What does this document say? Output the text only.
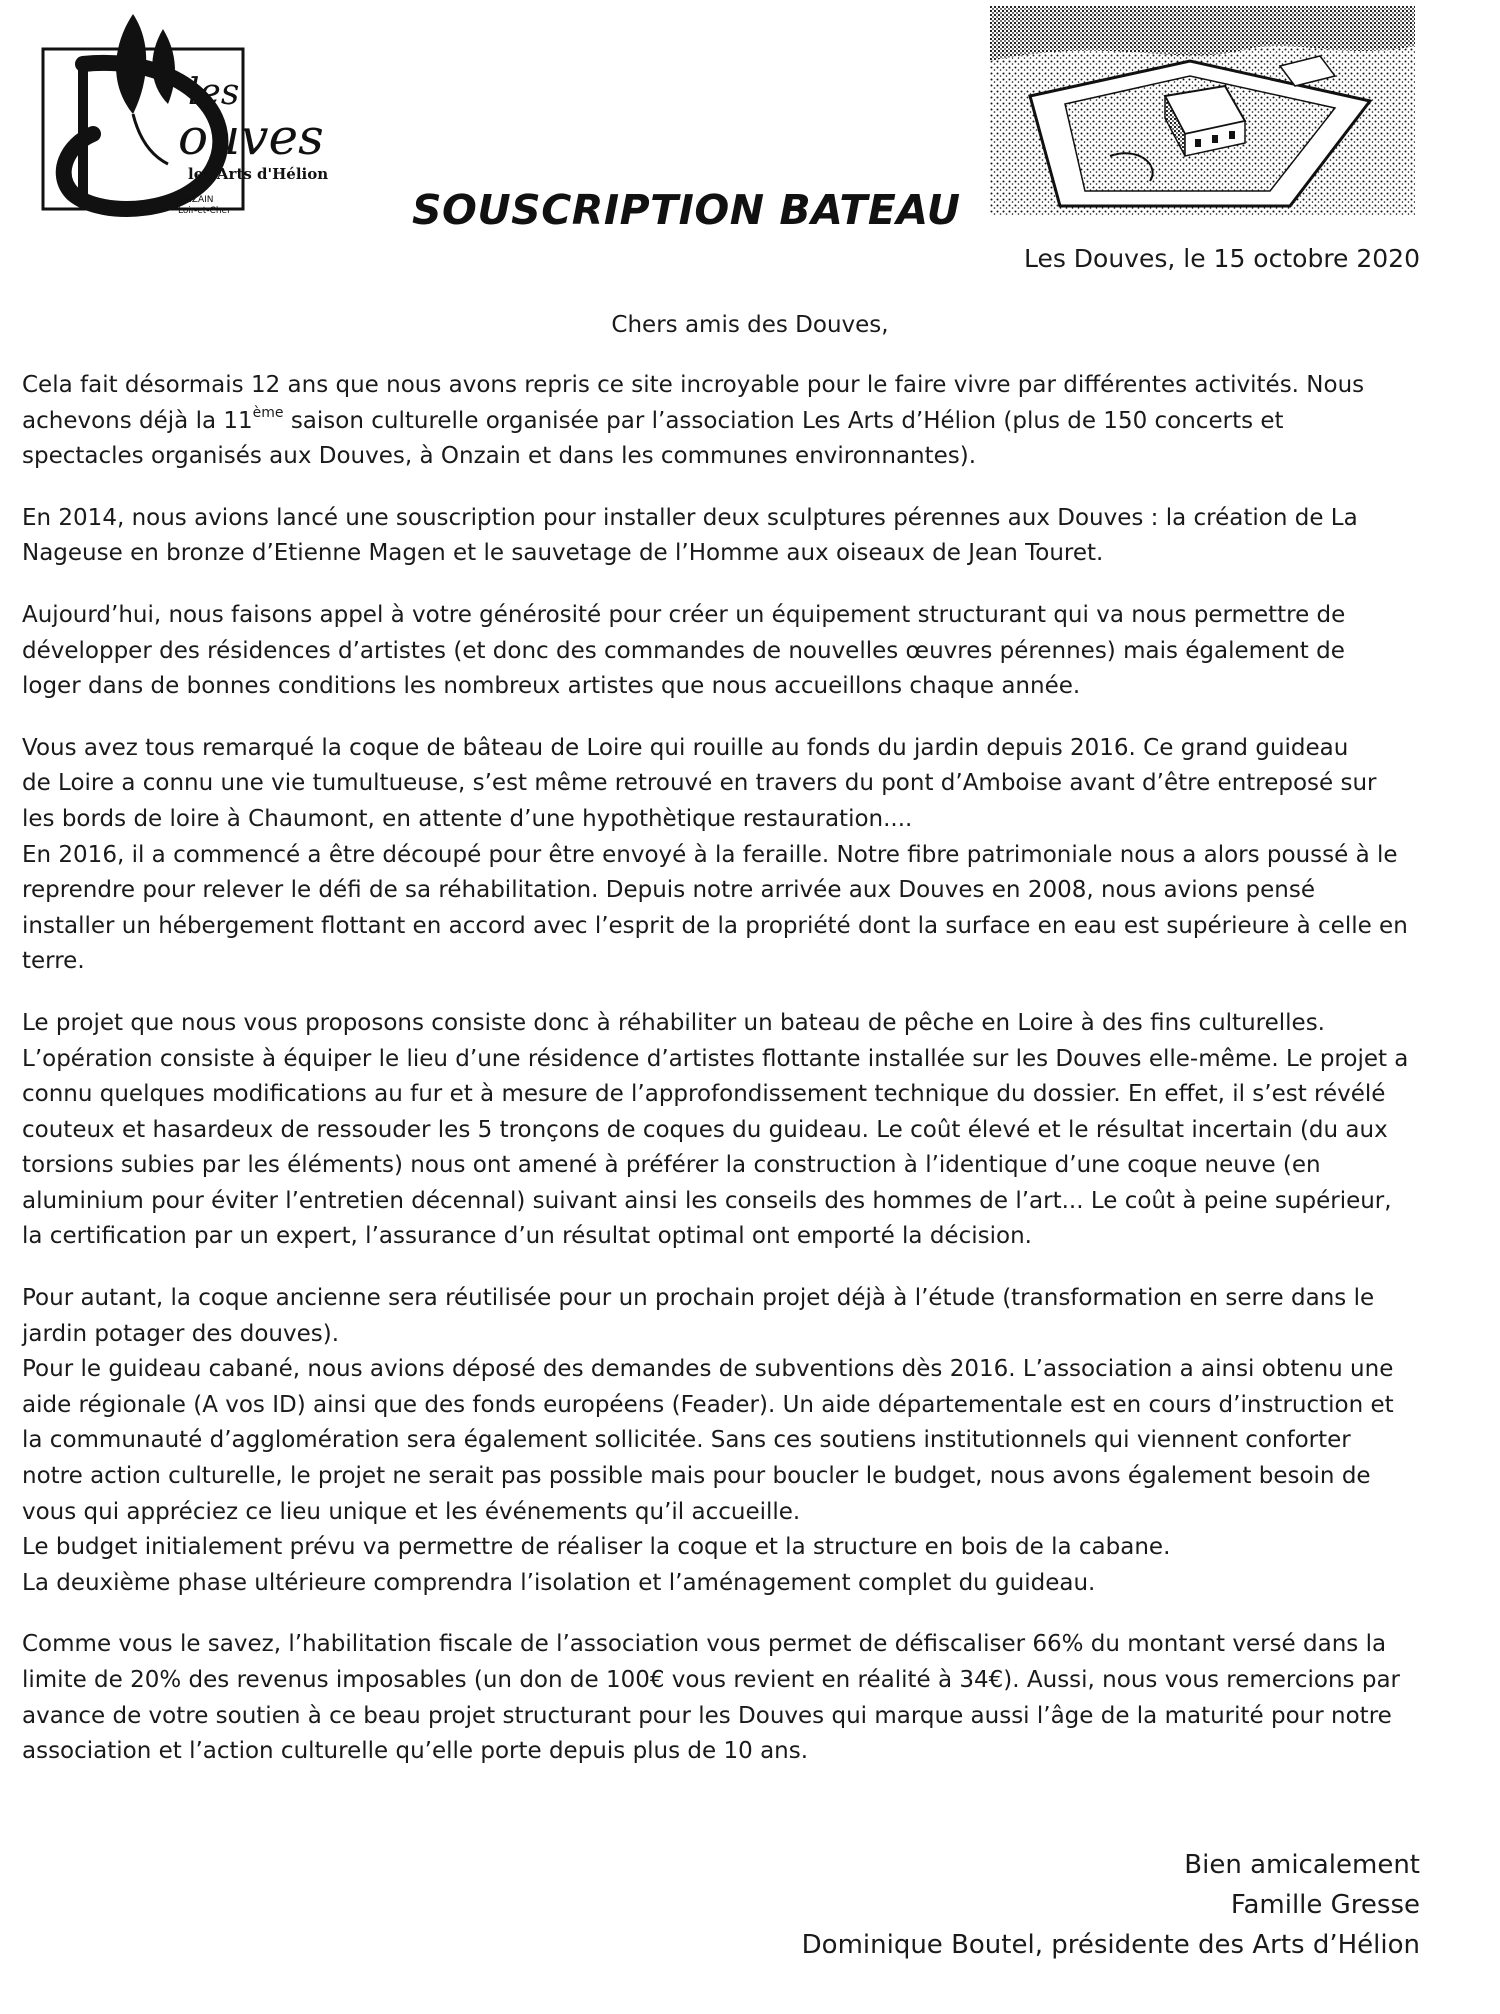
les
ouves
les Arts d'Hélion
ONZAIN
Loir-et-Cher	SOUSCRIPTION BATEAU
Les Douves, le 15 octobre 2020
Chers amis des Douves,

Cela fait désormais 12 ans que nous avons repris ce site incroyable pour le faire vivre par différentes activités. Nous
achevons déjà la 11ème saison culturelle organisée par l’association Les Arts d’Hélion (plus de 150 concerts et
spectacles organisés aux Douves, à Onzain et dans les communes environnantes).

En 2014, nous avions lancé une souscription pour installer deux sculptures pérennes aux Douves : la création de La
Nageuse en bronze d’Etienne Magen et le sauvetage de l’Homme aux oiseaux de Jean Touret.

Aujourd’hui, nous faisons appel à votre générosité pour créer un équipement structurant qui va nous permettre de
développer des résidences d’artistes (et donc des commandes de nouvelles œuvres pérennes) mais également de
loger dans de bonnes conditions les nombreux artistes que nous accueillons chaque année.

Vous avez tous remarqué la coque de bâteau de Loire qui rouille au fonds du jardin depuis 2016. Ce grand guideau
de Loire a connu une vie tumultueuse, s’est même retrouvé en travers du pont d’Amboise avant d’être entreposé sur
les bords de loire à Chaumont, en attente d’une hypothètique restauration....
En 2016, il a commencé a être découpé pour être envoyé à la feraille. Notre fibre patrimoniale nous a alors poussé à le
reprendre pour relever le défi de sa réhabilitation. Depuis notre arrivée aux Douves en 2008, nous avions pensé
installer un hébergement flottant en accord avec l’esprit de la propriété dont la surface en eau est supérieure à celle en
terre.

Le projet que nous vous proposons consiste donc à réhabiliter un bateau de pêche en Loire à des fins culturelles.
L’opération consiste à équiper le lieu d’une résidence d’artistes flottante installée sur les Douves elle-même. Le projet a
connu quelques modifications au fur et à mesure de l’approfondissement technique du dossier. En effet, il s’est révélé
couteux et hasardeux de ressouder les 5 tronçons de coques du guideau. Le coût élevé et le résultat incertain (du aux
torsions subies par les éléments) nous ont amené à préférer la construction à l’identique d’une coque neuve (en
aluminium pour éviter l’entretien décennal) suivant ainsi les conseils des hommes de l’art... Le coût à peine supérieur,
la certification par un expert, l’assurance d’un résultat optimal ont emporté la décision.

Pour autant, la coque ancienne sera réutilisée pour un prochain projet déjà à l’étude (transformation en serre dans le
jardin potager des douves).
Pour le guideau cabané, nous avions déposé des demandes de subventions dès 2016. L’association a ainsi obtenu une
aide régionale (A vos ID) ainsi que des fonds européens (Feader). Un aide départementale est en cours d’instruction et
la communauté d’agglomération sera également sollicitée. Sans ces soutiens institutionnels qui viennent conforter
notre action culturelle, le projet ne serait pas possible mais pour boucler le budget, nous avons également besoin de
vous qui appréciez ce lieu unique et les événements qu’il accueille.
Le budget initialement prévu va permettre de réaliser la coque et la structure en bois de la cabane.
La deuxième phase ultérieure comprendra l’isolation et l’aménagement complet du guideau.

Comme vous le savez, l’habilitation fiscale de l’association vous permet de défiscaliser 66% du montant versé dans la
limite de 20% des revenus imposables (un don de 100€ vous revient en réalité à 34€). Aussi, nous vous remercions par
avance de votre soutien à ce beau projet structurant pour les Douves qui marque aussi l’âge de la maturité pour notre
association et l’action culturelle qu’elle porte depuis plus de 10 ans.

Bien amicalement
Famille Gresse
Dominique Boutel, présidente des Arts d’Hélion
